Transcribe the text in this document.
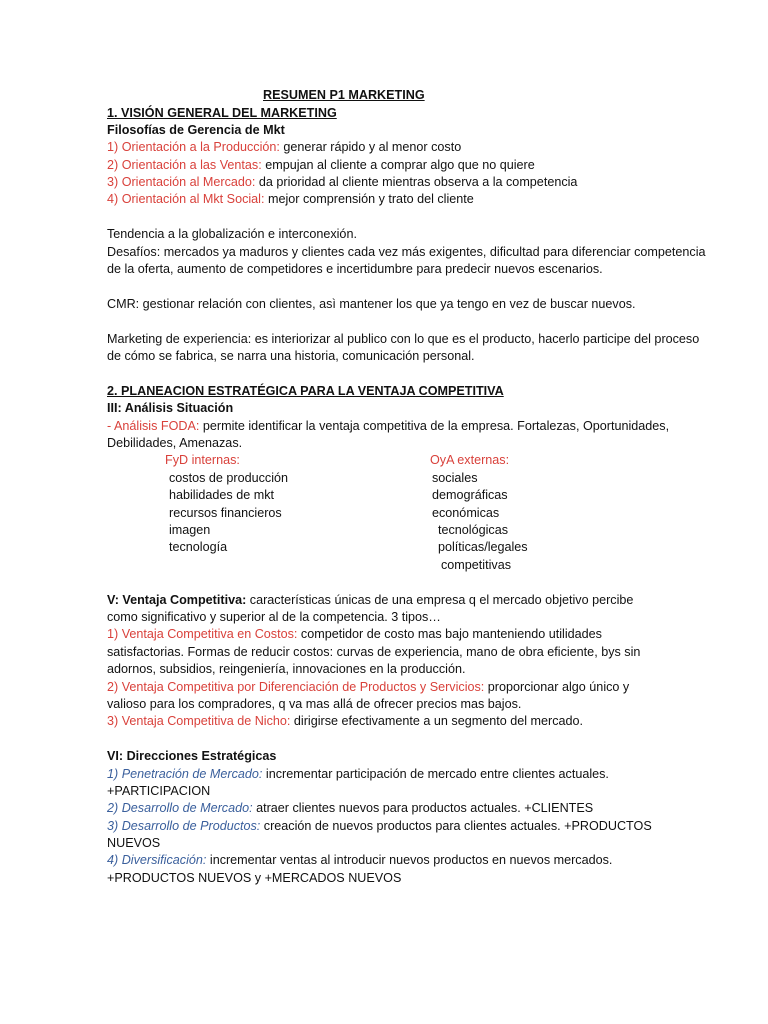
RESUMEN P1 MARKETING
1. VISIÓN GENERAL DEL MARKETING
Filosofías de Gerencia de Mkt
1) Orientación a la Producción: generar rápido y al menor costo
2) Orientación a las Ventas: empujan al cliente a comprar algo que no quiere
3) Orientación al Mercado: da prioridad al cliente mientras observa a la competencia
4) Orientación al Mkt Social: mejor comprensión y trato del cliente
Tendencia a la globalización e interconexión.
Desafíos: mercados ya maduros y clientes cada vez más exigentes, dificultad para diferenciar competencia
de la oferta, aumento de competidores e incertidumbre para predecir nuevos escenarios.
CMR: gestionar relación con clientes, asì mantener los que ya tengo en vez de buscar nuevos.
Marketing de experiencia: es interiorizar al publico con lo que es el producto, hacerlo participe del proceso
de cómo se fabrica, se narra una historia, comunicación personal.
2. PLANEACION ESTRATÉGICA PARA LA VENTAJA COMPETITIVA
III: Análisis Situación
- Análisis FODA: permite identificar la ventaja competitiva de la empresa. Fortalezas, Oportunidades,
Debilidades, Amenazas.
FyD internas:	OyA externas:
costos de producción
habilidades de mkt
recursos financieros
imagen
tecnología
sociales
demográficas
económicas
tecnológicas
políticas/legales
competitivas
V: Ventaja Competitiva: características únicas de una empresa q el mercado objetivo percibe
como significativo y superior al de la competencia. 3 tipos…
1) Ventaja Competitiva en Costos: competidor de costo mas bajo manteniendo utilidades
satisfactorias. Formas de reducir costos: curvas de experiencia, mano de obra eficiente, bys sin
adornos, subsidios, reingeniería, innovaciones en la producción.
2) Ventaja Competitiva por Diferenciación de Productos y Servicios: proporcionar algo único y
valioso para los compradores, q va mas allá de ofrecer precios mas bajos.
3) Ventaja Competitiva de Nicho: dirigirse efectivamente a un segmento del mercado.
VI: Direcciones Estratégicas
1) Penetración de Mercado: incrementar participación de mercado entre clientes actuales.
+PARTICIPACION
2) Desarrollo de Mercado: atraer clientes nuevos para productos actuales. +CLIENTES
3) Desarrollo de Productos: creación de nuevos productos para clientes actuales. +PRODUCTOS
NUEVOS
4) Diversificación: incrementar ventas al introducir nuevos productos en nuevos mercados.
+PRODUCTOS NUEVOS y +MERCADOS NUEVOS
